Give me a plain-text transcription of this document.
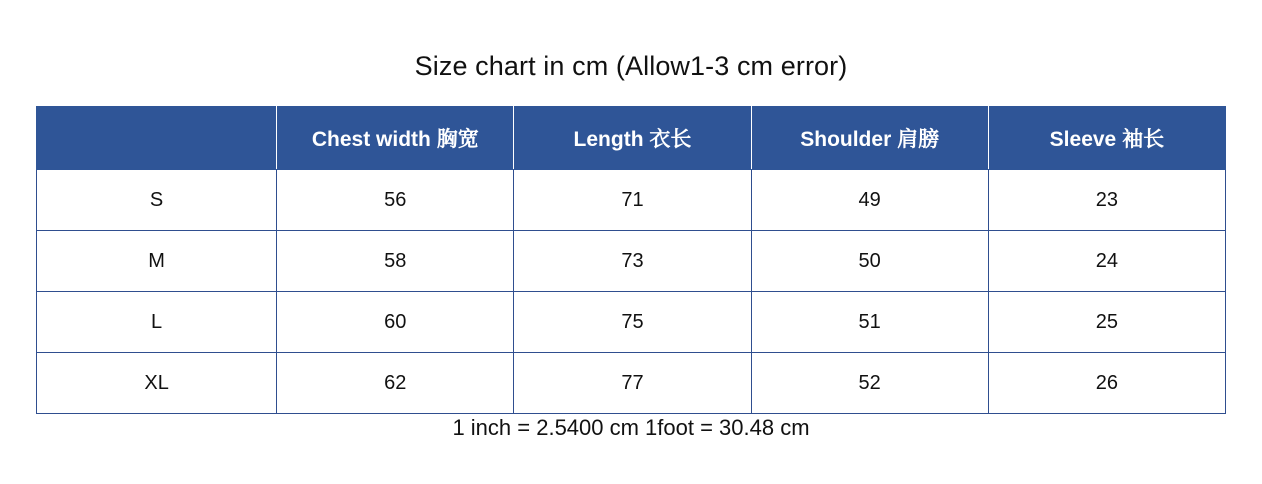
Size chart in cm (Allow1-3 cm error)
	Chest width 胸宽	Length 衣长	Shoulder 肩膀	Sleeve 袖长
S	56	71	49	23
M	58	73	50	24
L	60	75	51	25
XL	62	77	52	26
1 inch = 2.5400 cm 1foot = 30.48 cm
